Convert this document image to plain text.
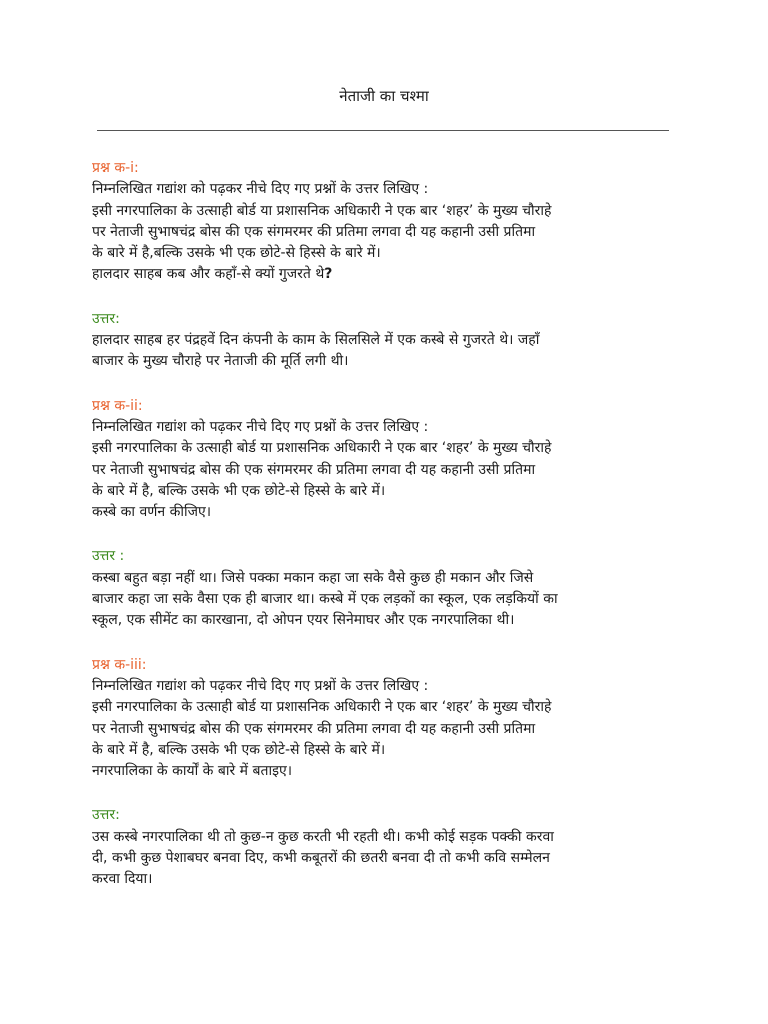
नेताजी का चश्मा
प्रश्न क-i:
निम्नलिखित गद्यांश को पढ़कर नीचे दिए गए प्रश्नों के उत्तर लिखिए :
इसी नगरपालिका के उत्साही बोर्ड या प्रशासनिक अधिकारी ने एक बार ‘शहर’ के मुख्य चौराहे
पर नेताजी सुभाषचंद्र बोस की एक संगमरमर की प्रतिमा लगवा दी यह कहानी उसी प्रतिमा
के बारे में है,बल्कि उसके भी एक छोटे-से हिस्से के बारे में।
हालदार साहब कब और कहाँ-से क्यों गुजरते थे?
उत्तर:
हालदार साहब हर पंद्रहवें दिन कंपनी के काम के सिलसिले में एक कस्बे से गुजरते थे। जहाँ
बाजार के मुख्य चौराहे पर नेताजी की मूर्ति लगी थी।
प्रश्न क-ii:
निम्नलिखित गद्यांश को पढ़कर नीचे दिए गए प्रश्नों के उत्तर लिखिए :
इसी नगरपालिका के उत्साही बोर्ड या प्रशासनिक अधिकारी ने एक बार ‘शहर’ के मुख्य चौराहे
पर नेताजी सुभाषचंद्र बोस की एक संगमरमर की प्रतिमा लगवा दी यह कहानी उसी प्रतिमा
के बारे में है, बल्कि उसके भी एक छोटे-से हिस्से के बारे में।
कस्बे का वर्णन कीजिए।
उत्तर :
कस्बा बहुत बड़ा नहीं था। जिसे पक्का मकान कहा जा सके वैसे कुछ ही मकान और जिसे
बाजार कहा जा सके वैसा एक ही बाजार था। कस्बे में एक लड़कों का स्कूल, एक लड़कियों का
स्कूल, एक सीमेंट का कारखाना, दो ओपन एयर सिनेमाघर और एक नगरपालिका थी।
प्रश्न क-iii:
निम्नलिखित गद्यांश को पढ़कर नीचे दिए गए प्रश्नों के उत्तर लिखिए :
इसी नगरपालिका के उत्साही बोर्ड या प्रशासनिक अधिकारी ने एक बार ‘शहर’ के मुख्य चौराहे
पर नेताजी सुभाषचंद्र बोस की एक संगमरमर की प्रतिमा लगवा दी यह कहानी उसी प्रतिमा
के बारे में है, बल्कि उसके भी एक छोटे-से हिस्से के बारे में।
नगरपालिका के कार्यों के बारे में बताइए।
उत्तर:
उस कस्बे नगरपालिका थी तो कुछ-न कुछ करती भी रहती थी। कभी कोई सड़क पक्की करवा
दी, कभी कुछ पेशाबघर बनवा दिए, कभी कबूतरों की छतरी बनवा दी तो कभी कवि सम्मेलन
करवा दिया।
